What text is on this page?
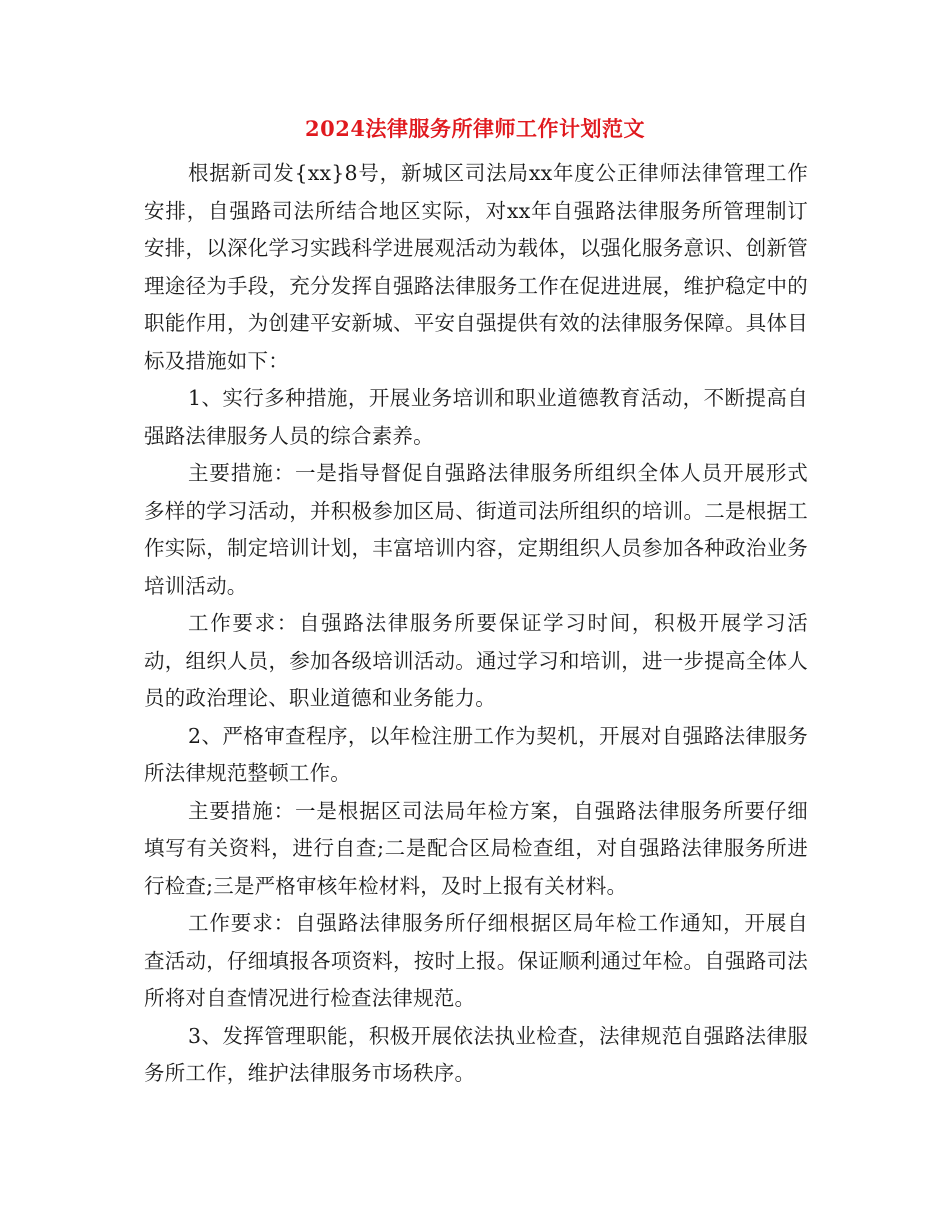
2024法律服务所律师工作计划范文

根据新司发{xx}8号，新城区司法局xx年度公正律师法律管理工作安排，自强路司法所结合地区实际，对xx年自强路法律服务所管理制订安排，以深化学习实践科学进展观活动为载体，以强化服务意识、创新管理途径为手段，充分发挥自强路法律服务工作在促进进展，维护稳定中的职能作用，为创建平安新城、平安自强提供有效的法律服务保障。具体目标及措施如下：

1、实行多种措施，开展业务培训和职业道德教育活动，不断提高自强路法律服务人员的综合素养。

主要措施：一是指导督促自强路法律服务所组织全体人员开展形式多样的学习活动，并积极参加区局、街道司法所组织的培训。二是根据工作实际，制定培训计划，丰富培训内容，定期组织人员参加各种政治业务培训活动。

工作要求：自强路法律服务所要保证学习时间，积极开展学习活动，组织人员，参加各级培训活动。通过学习和培训，进一步提高全体人员的政治理论、职业道德和业务能力。

2、严格审查程序，以年检注册工作为契机，开展对自强路法律服务所法律规范整顿工作。

主要措施：一是根据区司法局年检方案，自强路法律服务所要仔细填写有关资料，进行自查;二是配合区局检查组，对自强路法律服务所进行检查;三是严格审核年检材料，及时上报有关材料。

工作要求：自强路法律服务所仔细根据区局年检工作通知，开展自查活动，仔细填报各项资料，按时上报。保证顺利通过年检。自强路司法所将对自查情况进行检查法律规范。

3、发挥管理职能，积极开展依法执业检查，法律规范自强路法律服务所工作，维护法律服务市场秩序。
